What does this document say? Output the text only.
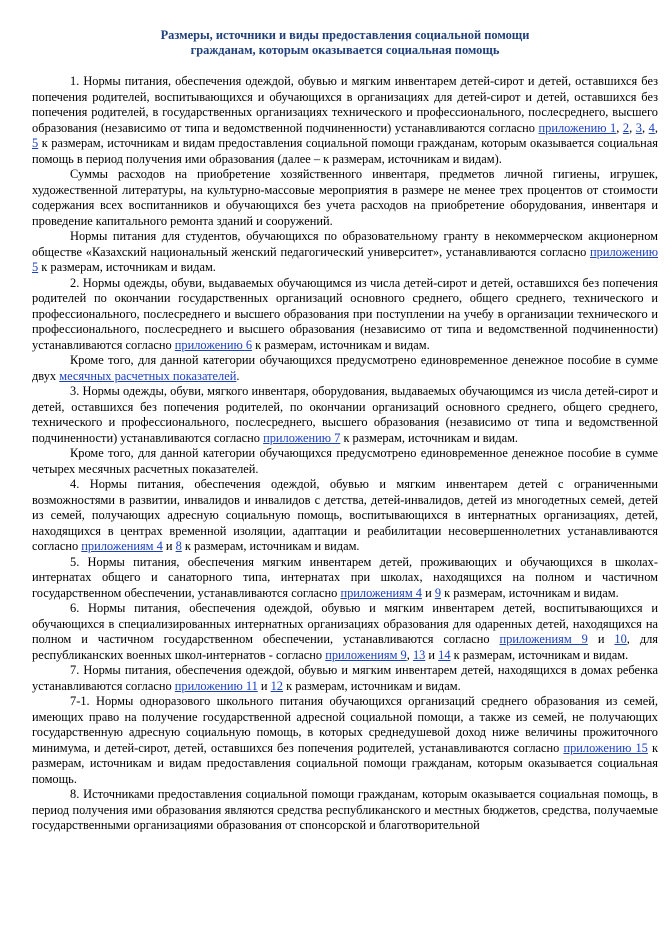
Размеры, источники и виды предоставления социальной помощи
гражданам, которым оказывается социальная помощь

1. Нормы питания, обеспечения одеждой, обувью и мягким инвентарем детей-сирот и детей, оставшихся без попечения родителей, воспитывающихся и обучающихся в организациях для детей-сирот и детей, оставшихся без попечения родителей, в государственных организациях технического и профессионального, послесреднего, высшего образования (независимо от типа и ведомственной подчиненности) устанавливаются согласно приложению 1, 2, 3, 4, 5 к размерам, источникам и видам предоставления социальной помощи гражданам, которым оказывается социальная помощь в период получения ими образования (далее – к размерам, источникам и видам).

Суммы расходов на приобретение хозяйственного инвентаря, предметов личной гигиены, игрушек, художественной литературы, на культурно-массовые мероприятия в размере не менее трех процентов от стоимости содержания всех воспитанников и обучающихся без учета расходов на приобретение оборудования, инвентаря и проведение капитального ремонта зданий и сооружений.

Нормы питания для студентов, обучающихся по образовательному гранту в некоммерческом акционерном обществе «Казахский национальный женский педагогический университет», устанавливаются согласно приложению 5 к размерам, источникам и видам.

2. Нормы одежды, обуви, выдаваемых обучающимся из числа детей-сирот и детей, оставшихся без попечения родителей по окончании государственных организаций основного среднего, общего среднего, технического и профессионального, послесреднего и высшего образования при поступлении на учебу в организации технического и профессионального, послесреднего и высшего образования (независимо от типа и ведомственной подчиненности) устанавливаются согласно приложению 6 к размерам, источникам и видам.

Кроме того, для данной категории обучающихся предусмотрено единовременное денежное пособие в сумме двух месячных расчетных показателей.

3. Нормы одежды, обуви, мягкого инвентаря, оборудования, выдаваемых обучающимся из числа детей-сирот и детей, оставшихся без попечения родителей, по окончании организаций основного среднего, общего среднего, технического и профессионального, послесреднего, высшего образования (независимо от типа и ведомственной подчиненности) устанавливаются согласно приложению 7 к размерам, источникам и видам.

Кроме того, для данной категории обучающихся предусмотрено единовременное денежное пособие в сумме четырех месячных расчетных показателей.

4. Нормы питания, обеспечения одеждой, обувью и мягким инвентарем детей с ограниченными возможностями в развитии, инвалидов и инвалидов с детства, детей-инвалидов, детей из многодетных семей, детей из семей, получающих адресную социальную помощь, воспитывающихся в интернатных организациях, детей, находящихся в центрах временной изоляции, адаптации и реабилитации несовершеннолетних устанавливаются согласно приложениям 4 и 8 к размерам, источникам и видам.

5. Нормы питания, обеспечения мягким инвентарем детей, проживающих и обучающихся в школах-интернатах общего и санаторного типа, интернатах при школах, находящихся на полном и частичном государственном обеспечении, устанавливаются согласно приложениям 4 и 9 к размерам, источникам и видам.

6. Нормы питания, обеспечения одеждой, обувью и мягким инвентарем детей, воспитывающихся и обучающихся в специализированных интернатных организациях образования для одаренных детей, находящихся на полном и частичном государственном обеспечении, устанавливаются согласно приложениям 9 и 10, для республиканских военных школ-интернатов - согласно приложениям 9, 13 и 14 к размерам, источникам и видам.

7. Нормы питания, обеспечения одеждой, обувью и мягким инвентарем детей, находящихся в домах ребенка устанавливаются согласно приложению 11 и 12 к размерам, источникам и видам.

7-1. Нормы одноразового школьного питания обучающихся организаций среднего образования из семей, имеющих право на получение государственной адресной социальной помощи, а также из семей, не получающих государственную адресную социальную помощь, в которых среднедушевой доход ниже величины прожиточного минимума, и детей-сирот, детей, оставшихся без попечения родителей, устанавливаются согласно приложению 15 к размерам, источникам и видам предоставления социальной помощи гражданам, которым оказывается социальная помощь.

8. Источниками предоставления социальной помощи гражданам, которым оказывается социальная помощь, в период получения ими образования являются средства республиканского и местных бюджетов, средства, получаемые государственными организациями образования от спонсорской и благотворительной
